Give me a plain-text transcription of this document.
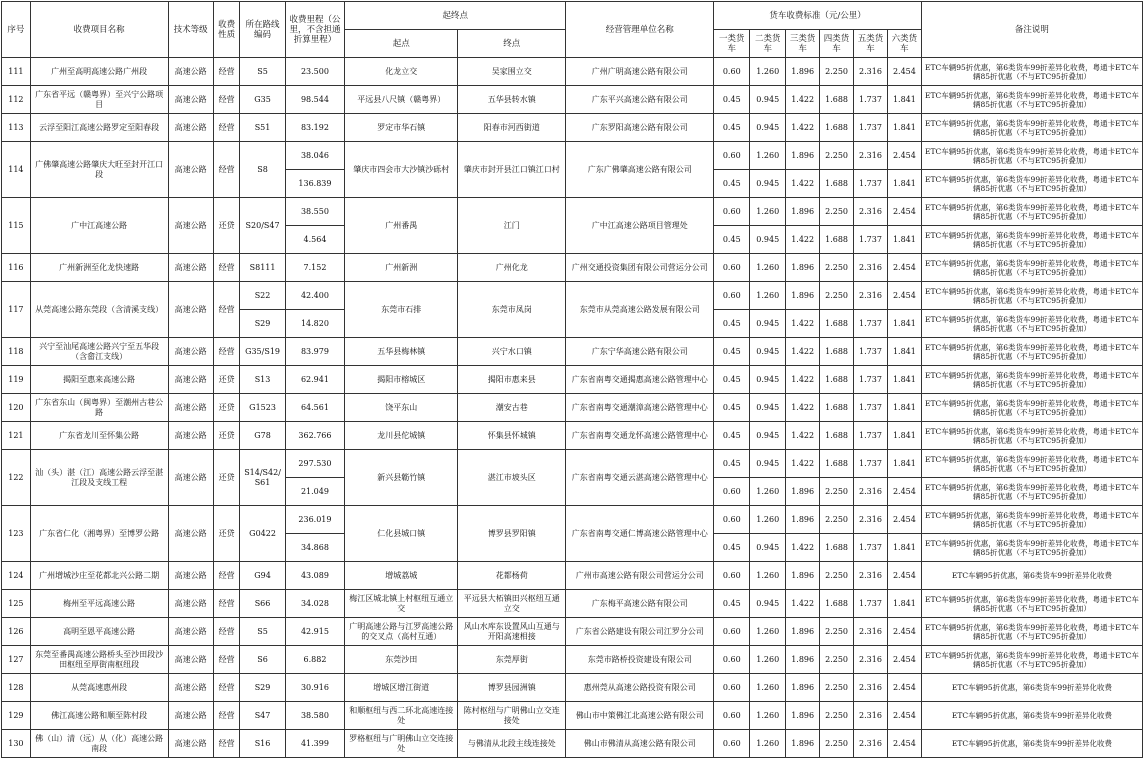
序号	收费项目名称	技术等级	收费性质	所在路线编码	收费里程（公里，不含担通折算里程）	起终点		经营管理单位名称	货车收费标准（元/公里）						备注说明
						起点	终点		一类货车	二类货车	三类货车	四类货车	五类货车	六类货车	
111	广州至高明高速公路广州段	高速公路	经营	S5	23.500	化龙立交	吴家围立交	广州广明高速公路有限公司	0.60	1.260	1.896	2.250	2.316	2.454	ETC车辆95折优惠，第6类货车99折差异化收费，粤通卡ETC车辆85折优惠（不与ETC95折叠加）
112	广东省平远（赣粤界）至兴宁公路项目	高速公路	经营	G35	98.544	平远县八尺镇（赣粤界）	五华县转水镇	广东平兴高速公路有限公司	0.45	0.945	1.422	1.688	1.737	1.841	ETC车辆95折优惠，第6类货车99折差异化收费，粤通卡ETC车辆85折优惠（不与ETC95折叠加）
113	云浮至阳江高速公路罗定至阳春段	高速公路	经营	S51	83.192	罗定市华石镇	阳春市河西街道	广东罗阳高速公路有限公司	0.45	0.945	1.422	1.688	1.737	1.841	ETC车辆95折优惠，第6类货车99折差异化收费，粤通卡ETC车辆85折优惠（不与ETC95折叠加）
114	广佛肇高速公路肇庆大旺至封开江口段	高速公路	经营	S8	38.046	肇庆市四会市大沙镇沙砾村	肇庆市封开县江口镇江口村	广东广佛肇高速公路有限公司	0.60	1.260	1.896	2.250	2.316	2.454	ETC车辆95折优惠，第6类货车99折差异化收费，粤通卡ETC车辆85折优惠（不与ETC95折叠加）
					136.839				0.45	0.945	1.422	1.688	1.737	1.841	ETC车辆95折优惠，第6类货车99折差异化收费，粤通卡ETC车辆85折优惠（不与ETC95折叠加）
115	广中江高速公路	高速公路	还贷	S20/S47	38.550	广州番禺	江门	广中江高速公路项目管理处	0.60	1.260	1.896	2.250	2.316	2.454	ETC车辆95折优惠，第6类货车99折差异化收费，粤通卡ETC车辆85折优惠（不与ETC95折叠加）
					4.564				0.45	0.945	1.422	1.688	1.737	1.841	ETC车辆95折优惠，第6类货车99折差异化收费，粤通卡ETC车辆85折优惠（不与ETC95折叠加）
116	广州新洲至化龙快速路	高速公路	经营	S8111	7.152	广州新洲	广州化龙	广州交通投资集团有限公司营运分公司	0.60	1.260	1.896	2.250	2.316	2.454	ETC车辆95折优惠，第6类货车99折差异化收费，粤通卡ETC车辆85折优惠（不与ETC95折叠加）
117	从莞高速公路东莞段（含清溪支线）	高速公路	经营	S22	42.400	东莞市石排	东莞市凤岗	东莞市从莞高速公路发展有限公司	0.60	1.260	1.896	2.250	2.316	2.454	ETC车辆95折优惠，第6类货车99折差异化收费，粤通卡ETC车辆85折优惠（不与ETC95折叠加）
				S29	14.820				0.45	0.945	1.422	1.688	1.737	1.841	ETC车辆95折优惠，第6类货车99折差异化收费，粤通卡ETC车辆85折优惠（不与ETC95折叠加）
118	兴宁至汕尾高速公路兴宁至五华段（含畲江支线）	高速公路	经营	G35/S19	83.979	五华县梅林镇	兴宁水口镇	广东宁华高速公路有限公司	0.45	0.945	1.422	1.688	1.737	1.841	ETC车辆95折优惠，第6类货车99折差异化收费，粤通卡ETC车辆85折优惠（不与ETC95折叠加）
119	揭阳至惠来高速公路	高速公路	还贷	S13	62.941	揭阳市榕城区	揭阳市惠来县	广东省南粤交通揭惠高速公路管理中心	0.45	0.945	1.422	1.688	1.737	1.841	ETC车辆95折优惠，第6类货车99折差异化收费，粤通卡ETC车辆85折优惠（不与ETC95折叠加）
120	广东省东山（闽粤界）至潮州古巷公路	高速公路	还贷	G1523	64.561	饶平东山	潮安古巷	广东省南粤交通潮漳高速公路管理中心	0.45	0.945	1.422	1.688	1.737	1.841	ETC车辆95折优惠，第6类货车99折差异化收费，粤通卡ETC车辆85折优惠（不与ETC95折叠加）
121	广东省龙川至怀集公路	高速公路	还贷	G78	362.766	龙川县佗城镇	怀集县怀城镇	广东省南粤交通龙怀高速公路管理中心	0.45	0.945	1.422	1.688	1.737	1.841	ETC车辆95折优惠，第6类货车99折差异化收费，粤通卡ETC车辆85折优惠（不与ETC95折叠加）
122	汕（头）湛（江）高速公路云浮至湛江段及支线工程	高速公路	还贷	S14/S42/S61	297.530	新兴县簕竹镇	湛江市坡头区	广东省南粤交通云湛高速公路管理中心	0.45	0.945	1.422	1.688	1.737	1.841	ETC车辆95折优惠，第6类货车99折差异化收费，粤通卡ETC车辆85折优惠（不与ETC95折叠加）
					21.049				0.60	1.260	1.896	2.250	2.316	2.454	ETC车辆95折优惠，第6类货车99折差异化收费，粤通卡ETC车辆85折优惠（不与ETC95折叠加）
123	广东省仁化（湘粤界）至博罗公路	高速公路	还贷	G0422	236.019	仁化县城口镇	博罗县罗阳镇	广东省南粤交通仁博高速公路管理中心	0.60	1.260	1.896	2.250	2.316	2.454	ETC车辆95折优惠，第6类货车99折差异化收费，粤通卡ETC车辆85折优惠（不与ETC95折叠加）
					34.868				0.45	0.945	1.422	1.688	1.737	1.841	ETC车辆95折优惠，第6类货车99折差异化收费，粤通卡ETC车辆85折优惠（不与ETC95折叠加）
124	广州增城沙庄至花都北兴公路二期	高速公路	经营	G94	43.089	增城荔城	花都杨荷	广州市高速公路有限公司营运分公司	0.60	1.260	1.896	2.250	2.316	2.454	ETC车辆95折优惠，第6类货车99折差异化收费
125	梅州至平远高速公路	高速公路	经营	S66	34.028	梅江区城北镇上村枢纽互通立交	平远县大柘镇田兴枢纽互通立交	广东梅平高速公路有限公司	0.45	0.945	1.422	1.688	1.737	1.841	ETC车辆95折优惠，第6类货车99折差异化收费，粤通卡ETC车辆85折优惠（不与ETC95折叠加）
126	高明至恩平高速公路	高速公路	经营	S5	42.915	广明高速公路与江罗高速公路的交叉点（高村互通）	风山水库东设置风山互通与开阳高速相接	广东省公路建设有限公司江罗分公司	0.60	1.260	1.896	2.250	2.316	2.454	ETC车辆95折优惠，第6类货车99折差异化收费，粤通卡ETC车辆85折优惠（不与ETC95折叠加）
127	东莞至番禺高速公路桥头至沙田段沙田枢纽至厚街南枢纽段	高速公路	经营	S6	6.882	东莞沙田	东莞厚街	东莞市路桥投资建设有限公司	0.60	1.260	1.896	2.250	2.316	2.454	ETC车辆95折优惠，第6类货车99折差异化收费，粤通卡ETC车辆85折优惠（不与ETC95折叠加）
128	从莞高速惠州段	高速公路	经营	S29	30.916	增城区增江街道	博罗县园洲镇	惠州莞从高速公路投资有限公司	0.60	1.260	1.896	2.250	2.316	2.454	ETC车辆95折优惠，第6类货车99折差异化收费
129	佛江高速公路和顺至陈村段	高速公路	经营	S47	38.580	和顺枢纽与西二环北高速连接处	陈村枢纽与广明佛山立交连接处	佛山市中策佛江北高速公路有限公司	0.60	1.260	1.896	2.250	2.316	2.454	ETC车辆95折优惠，第6类货车99折差异化收费
130	佛（山）清（远）从（化）高速公路南段	高速公路	经营	S16	41.399	罗格枢纽与广明佛山立交连接处	与佛清从北段主线连接处	佛山市佛清从高速公路有限公司	0.60	1.260	1.896	2.250	2.316	2.454	ETC车辆95折优惠，第6类货车99折差异化收费
